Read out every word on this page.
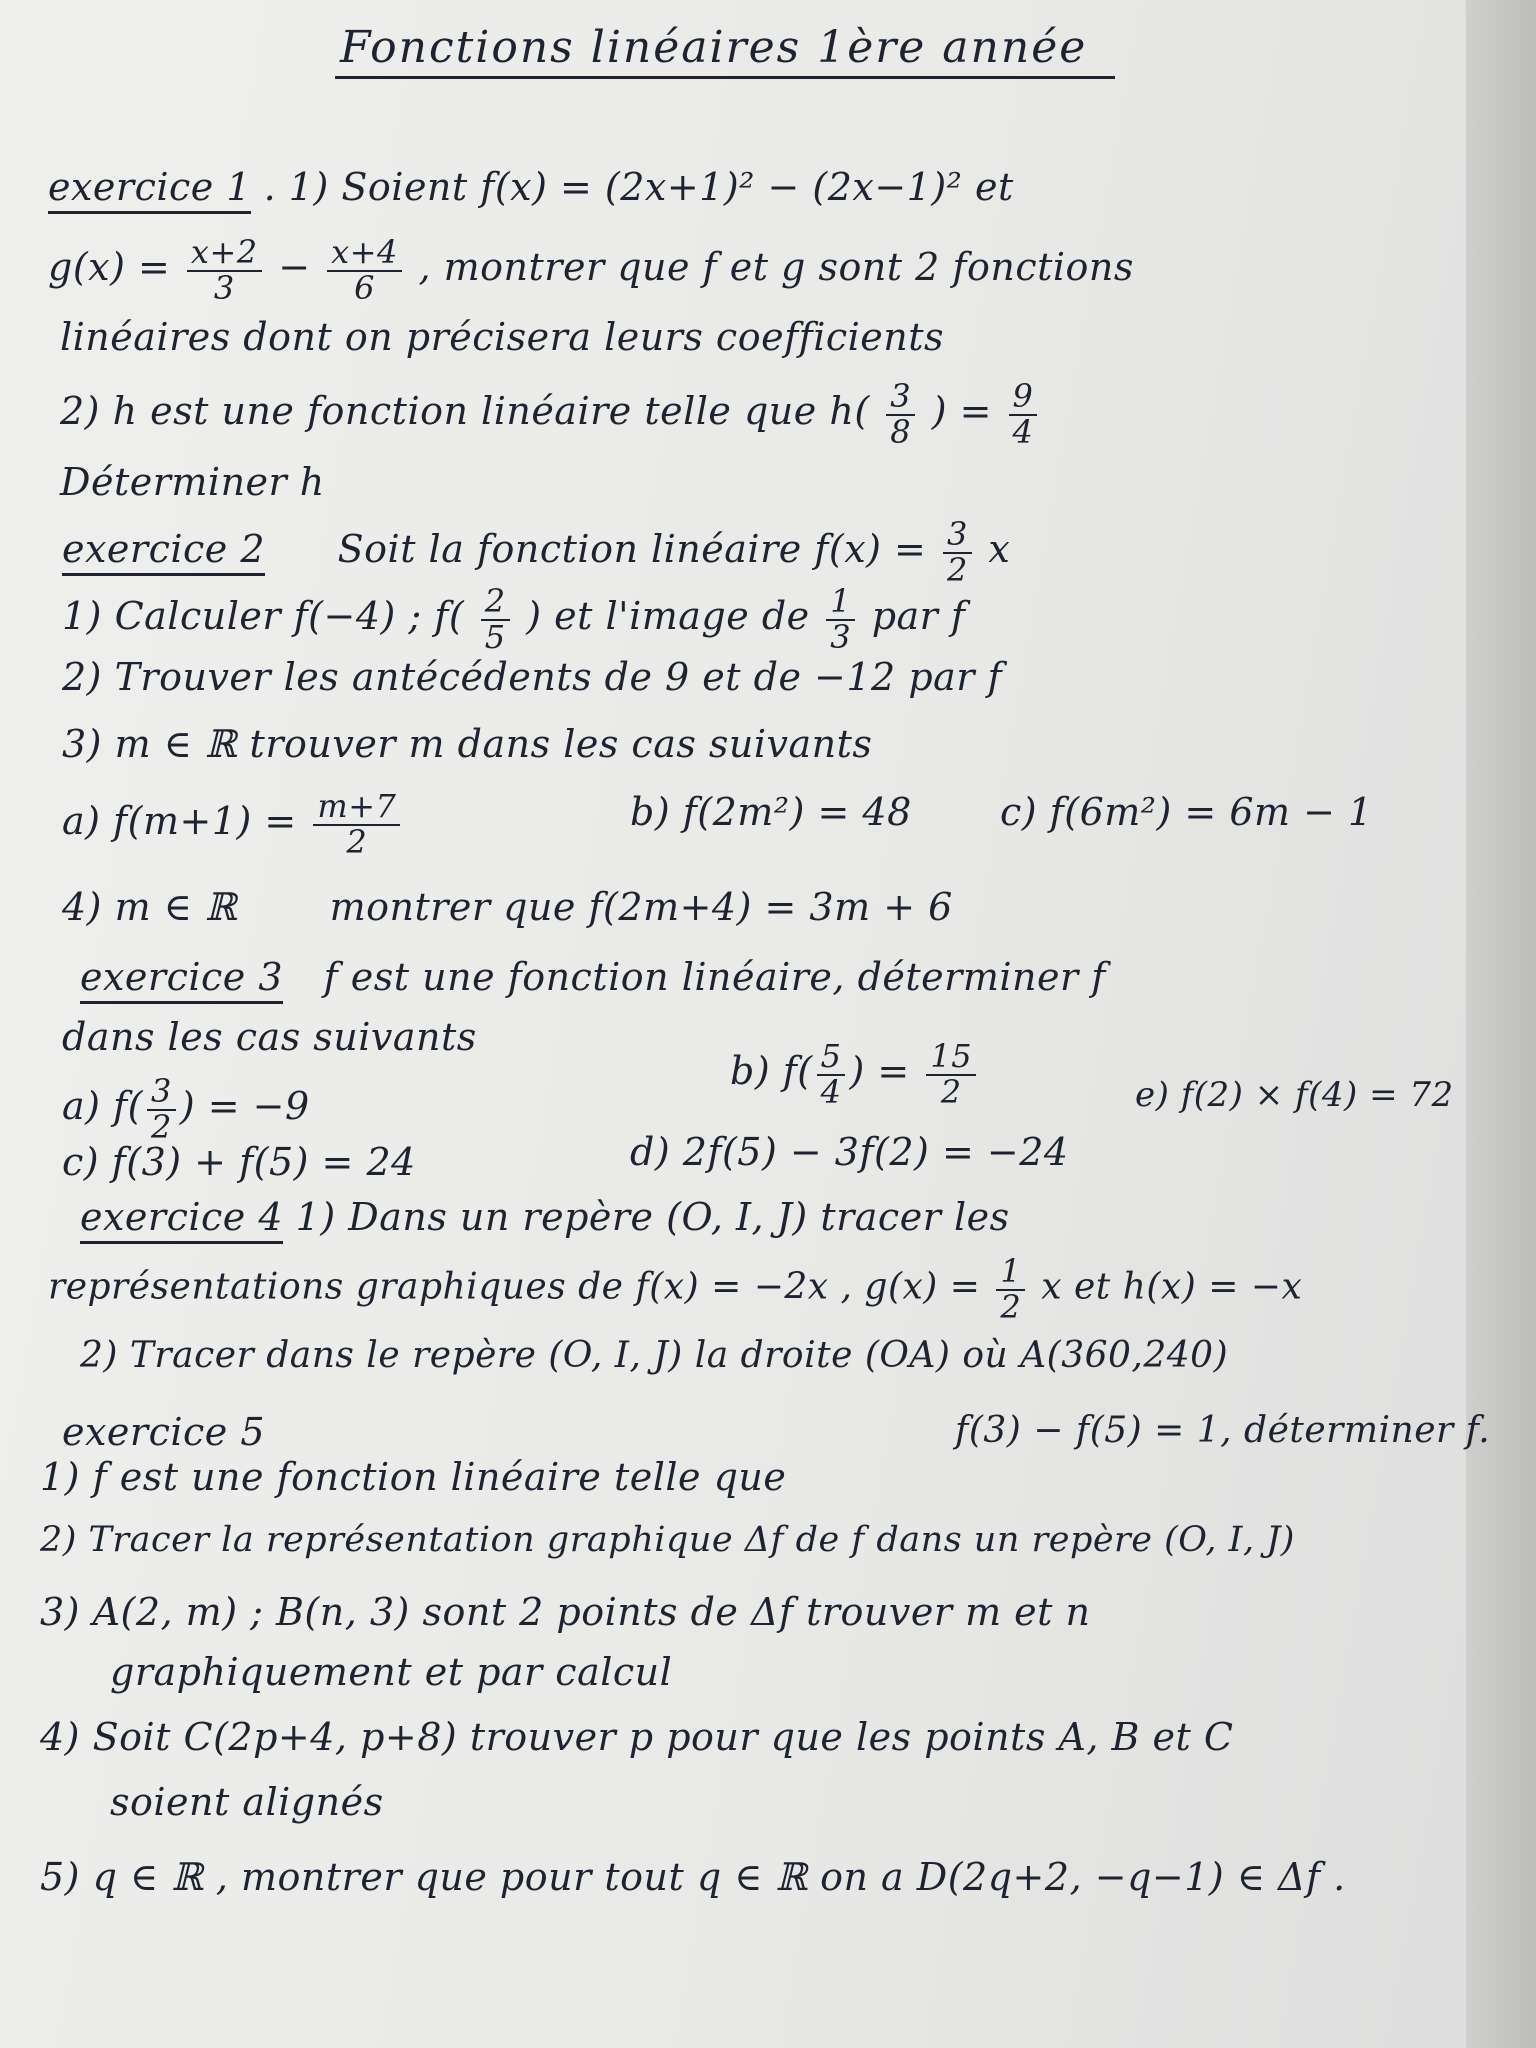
Fonctions linéaires 1ère année
exercice 1 . 1) Soient f(x) = (2x+1)² − (2x−1)² et
$g(x) = \frac{x+2}{3} - \frac{x+4}{6}$ , montrer que f et g sont 2 fonctions
linéaires dont on précisera leurs coefficients
2) h est une fonction linéaire telle que $h( \frac{3}{8}$ ) = $\frac{9}{4}$
Déterminer h
exercice 2 Soit la fonction linéaire $f(x) = \frac{3}{2}$ x
1) Calculer f(−4) ; $f( \frac{2}{5}$ ) et l'image de $\frac{1}{3}$ par f
2) Trouver les antécédents de 9 et de −12 par f
3) m ∈ ℝ trouver m dans les cas suivants
a) $f(m+1) = \frac{m+7}{2}$	b) f(2m²) = 48 c) f(6m²) = 6m − 1
4) m ∈ ℝ montrer que f(2m+4) = 3m + 6
exercice 3 f est une fonction linéaire, déterminer f
dans les cas suivants
b) $f( \frac{5}{4}$ ) = $\frac{15}{2}$
a) $f( \frac{3}{2}$ ) = −9	e) f(2) × f(4) = 72
c) f(3) + f(5) = 24	d) 2f(5) − 3f(2) = −24
exercice 4 1) Dans un repère (O, I, J) tracer les
représentations graphiques de f(x) = −2x , $g(x) = \frac{1}{2}$ x et h(x) = −x
2) Tracer dans le repère (O, I, J) la droite (OA) où A(360,240)
exercice 5	f(3) − f(5) = 1, déterminer f.
1) f est une fonction linéaire telle que
2) Tracer la représentation graphique Δf de f dans un repère (O, I, J)
3) A(2, m) ; B(n, 3) sont 2 points de Δf trouver m et n
graphiquement et par calcul
4) Soit C(2p+4, p+8) trouver p pour que les points A, B et C
soient alignés
5) q ∈ ℝ , montrer que pour tout q ∈ ℝ on a D(2q+2, −q−1) ∈ Δf .
